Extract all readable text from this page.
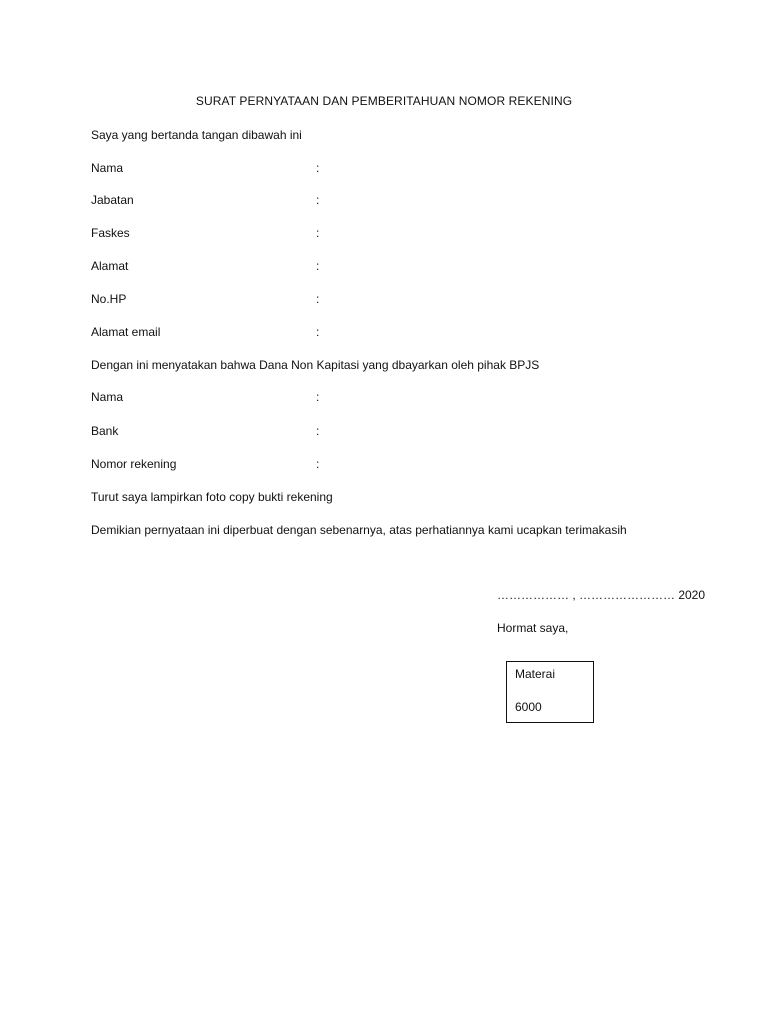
SURAT PERNYATAAN DAN PEMBERITAHUAN NOMOR REKENING
Saya yang bertanda tangan dibawah ini
Nama	:
Jabatan	:
Faskes	:
Alamat	:
No.HP	:
Alamat email	:
Dengan ini menyatakan bahwa Dana Non Kapitasi yang dbayarkan oleh pihak BPJS
Nama	:
Bank	:
Nomor rekening	:
Turut saya lampirkan foto copy bukti rekening
Demikian pernyataan ini diperbuat dengan sebenarnya, atas perhatiannya kami ucapkan terimakasih
……………… , …………………… 2020
Hormat saya,
Materai
6000
